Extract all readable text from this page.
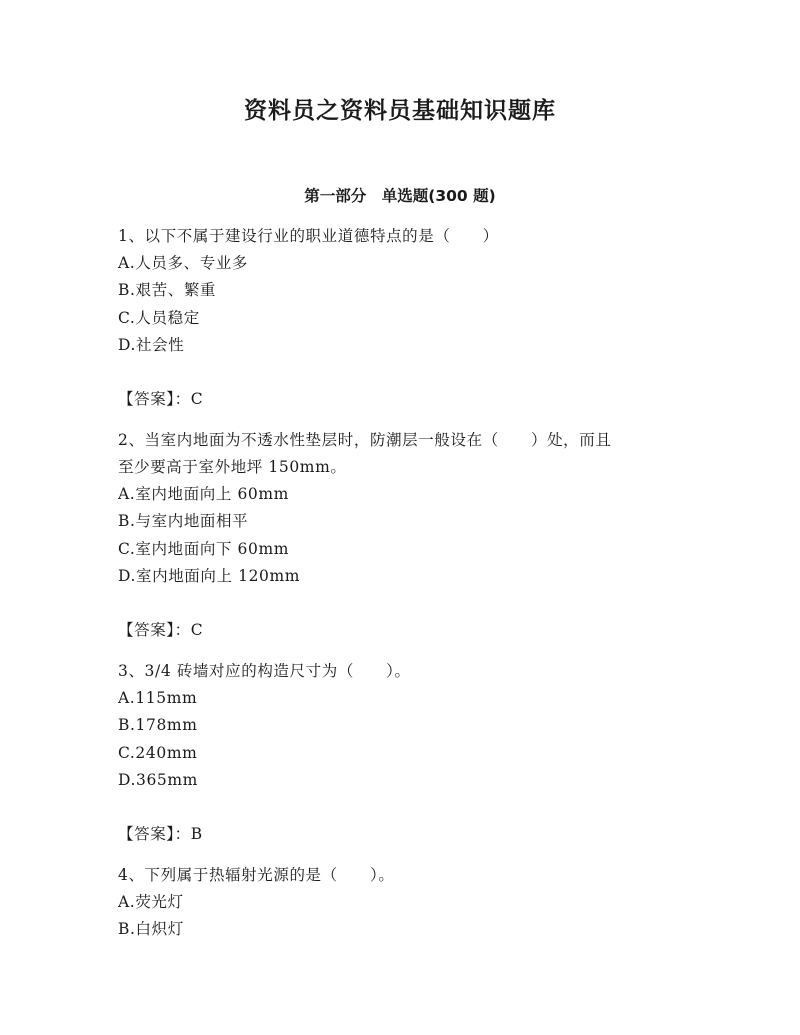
资料员之资料员基础知识题库
第一部分　单选题(300 题)
1、以下不属于建设行业的职业道德特点的是（　　）
A.人员多、专业多
B.艰苦、繁重
C.人员稳定
D.社会性
【答案】：C
2、当室内地面为不透水性垫层时，防潮层一般设在（　　）处，而且
至少要高于室外地坪 150mm。
A.室内地面向上 60mm
B.与室内地面相平
C.室内地面向下 60mm
D.室内地面向上 120mm
【答案】：C
3、3/4 砖墙对应的构造尺寸为（　　）。
A.115mm
B.178mm
C.240mm
D.365mm
【答案】：B
4、下列属于热辐射光源的是（　　）。
A.荧光灯
B.白炽灯
